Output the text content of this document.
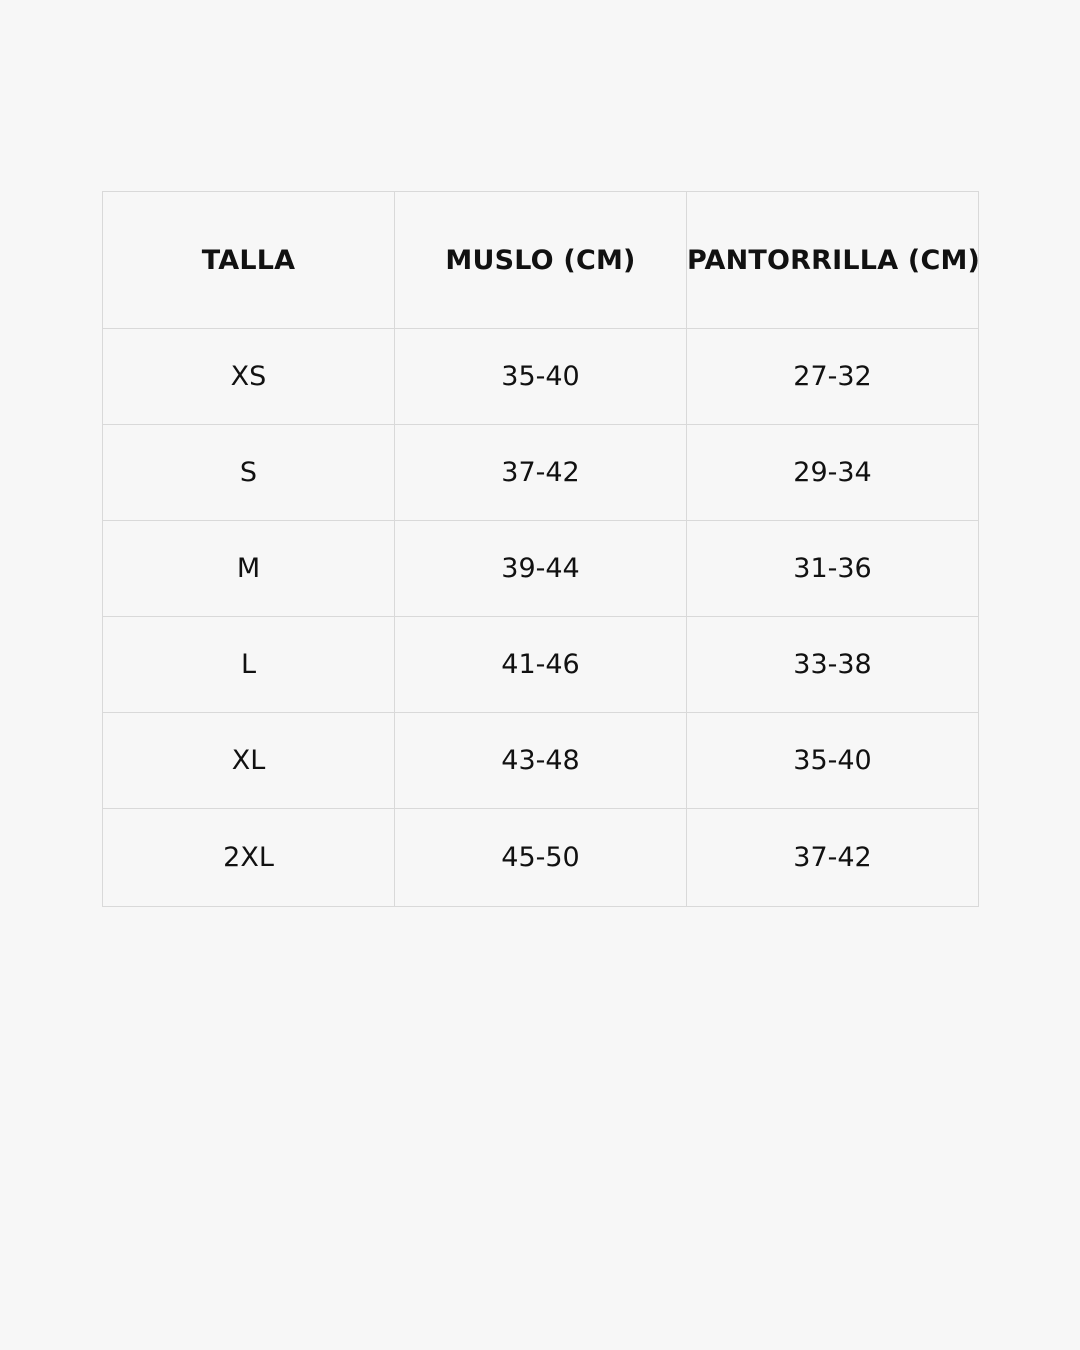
TALLA	MUSLO (CM)	PANTORRILLA (CM)
XS	35-40	27-32
S	37-42	29-34
M	39-44	31-36
L	41-46	33-38
XL	43-48	35-40
2XL	45-50	37-42
